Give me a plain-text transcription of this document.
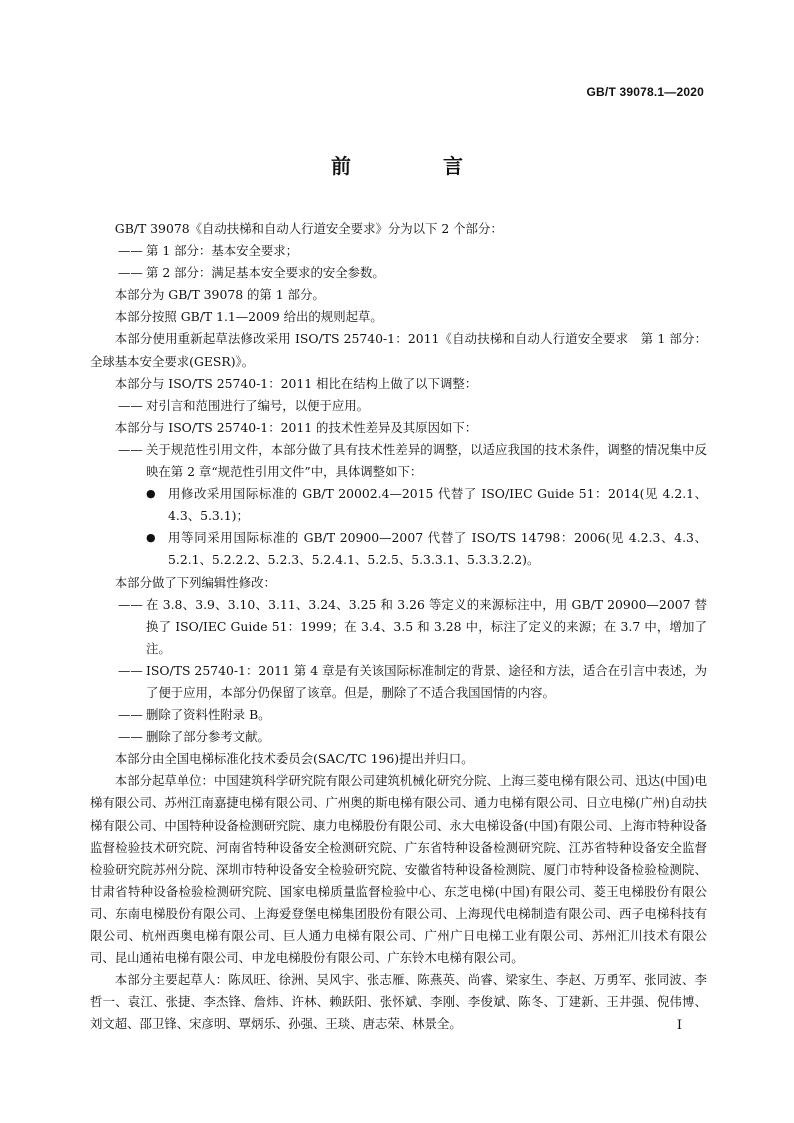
GB/T 39078.1—2020
前　言

GB/T 39078《自动扶梯和自动人行道安全要求》分为以下 2 个部分：

—— 第 1 部分：基本安全要求；

—— 第 2 部分：满足基本安全要求的安全参数。

本部分为 GB/T 39078 的第 1 部分。

本部分按照 GB/T 1.1—2009 给出的规则起草。

本部分使用重新起草法修改采用 ISO/TS 25740-1：2011《自动扶梯和自动人行道安全要求　第 1 部分：全球基本安全要求(GESR)》。

本部分与 ISO/TS 25740-1：2011 相比在结构上做了以下调整：

—— 对引言和范围进行了编号，以便于应用。

本部分与 ISO/TS 25740-1：2011 的技术性差异及其原因如下：

—— 关于规范性引用文件，本部分做了具有技术性差异的调整，以适应我国的技术条件，调整的情况集中反映在第 2 章“规范性引用文件”中，具体调整如下：

● 用修改采用国际标准的 GB/T 20002.4—2015 代替了 ISO/IEC Guide 51：2014(见 4.2.1、4.3、5.3.1)；

● 用等同采用国际标准的 GB/T 20900—2007 代替了 ISO/TS 14798：2006(见 4.2.3、4.3、5.2.1、5.2.2.2、5.2.3、5.2.4.1、5.2.5、5.3.3.1、5.3.3.2.2)。

本部分做了下列编辑性修改：

—— 在 3.8、3.9、3.10、3.11、3.24、3.25 和 3.26 等定义的来源标注中，用 GB/T 20900—2007 替换了 ISO/IEC Guide 51：1999；在 3.4、3.5 和 3.28 中，标注了定义的来源；在 3.7 中，增加了注。

—— ISO/TS 25740-1：2011 第 4 章是有关该国际标准制定的背景、途径和方法，适合在引言中表述，为了便于应用，本部分仍保留了该章。但是，删除了不适合我国国情的内容。

—— 删除了资料性附录 B。

—— 删除了部分参考文献。

本部分由全国电梯标准化技术委员会(SAC/TC 196)提出并归口。

本部分起草单位：中国建筑科学研究院有限公司建筑机械化研究分院、上海三菱电梯有限公司、迅达(中国)电梯有限公司、苏州江南嘉捷电梯有限公司、广州奥的斯电梯有限公司、通力电梯有限公司、日立电梯(广州)自动扶梯有限公司、中国特种设备检测研究院、康力电梯股份有限公司、永大电梯设备(中国)有限公司、上海市特种设备监督检验技术研究院、河南省特种设备安全检测研究院、广东省特种设备检测研究院、江苏省特种设备安全监督检验研究院苏州分院、深圳市特种设备安全检验研究院、安徽省特种设备检测院、厦门市特种设备检验检测院、甘肃省特种设备检验检测研究院、国家电梯质量监督检验中心、东芝电梯(中国)有限公司、菱王电梯股份有限公司、东南电梯股份有限公司、上海爱登堡电梯集团股份有限公司、上海现代电梯制造有限公司、西子电梯科技有限公司、杭州西奥电梯有限公司、巨人通力电梯有限公司、广州广日电梯工业有限公司、苏州汇川技术有限公司、昆山通祐电梯有限公司、申龙电梯股份有限公司、广东铃木电梯有限公司。

本部分主要起草人：陈凤旺、徐洲、吴风宇、张志雁、陈燕英、尚睿、梁家生、李赵、万勇军、张同波、李哲一、袁江、张捷、李杰锋、詹炜、许林、赖跃阳、张怀斌、李刚、李俊斌、陈冬、丁建新、王井强、倪伟博、刘文超、邵卫锋、宋彦明、覃炳乐、孙强、王琰、唐志荣、林景全。	I
